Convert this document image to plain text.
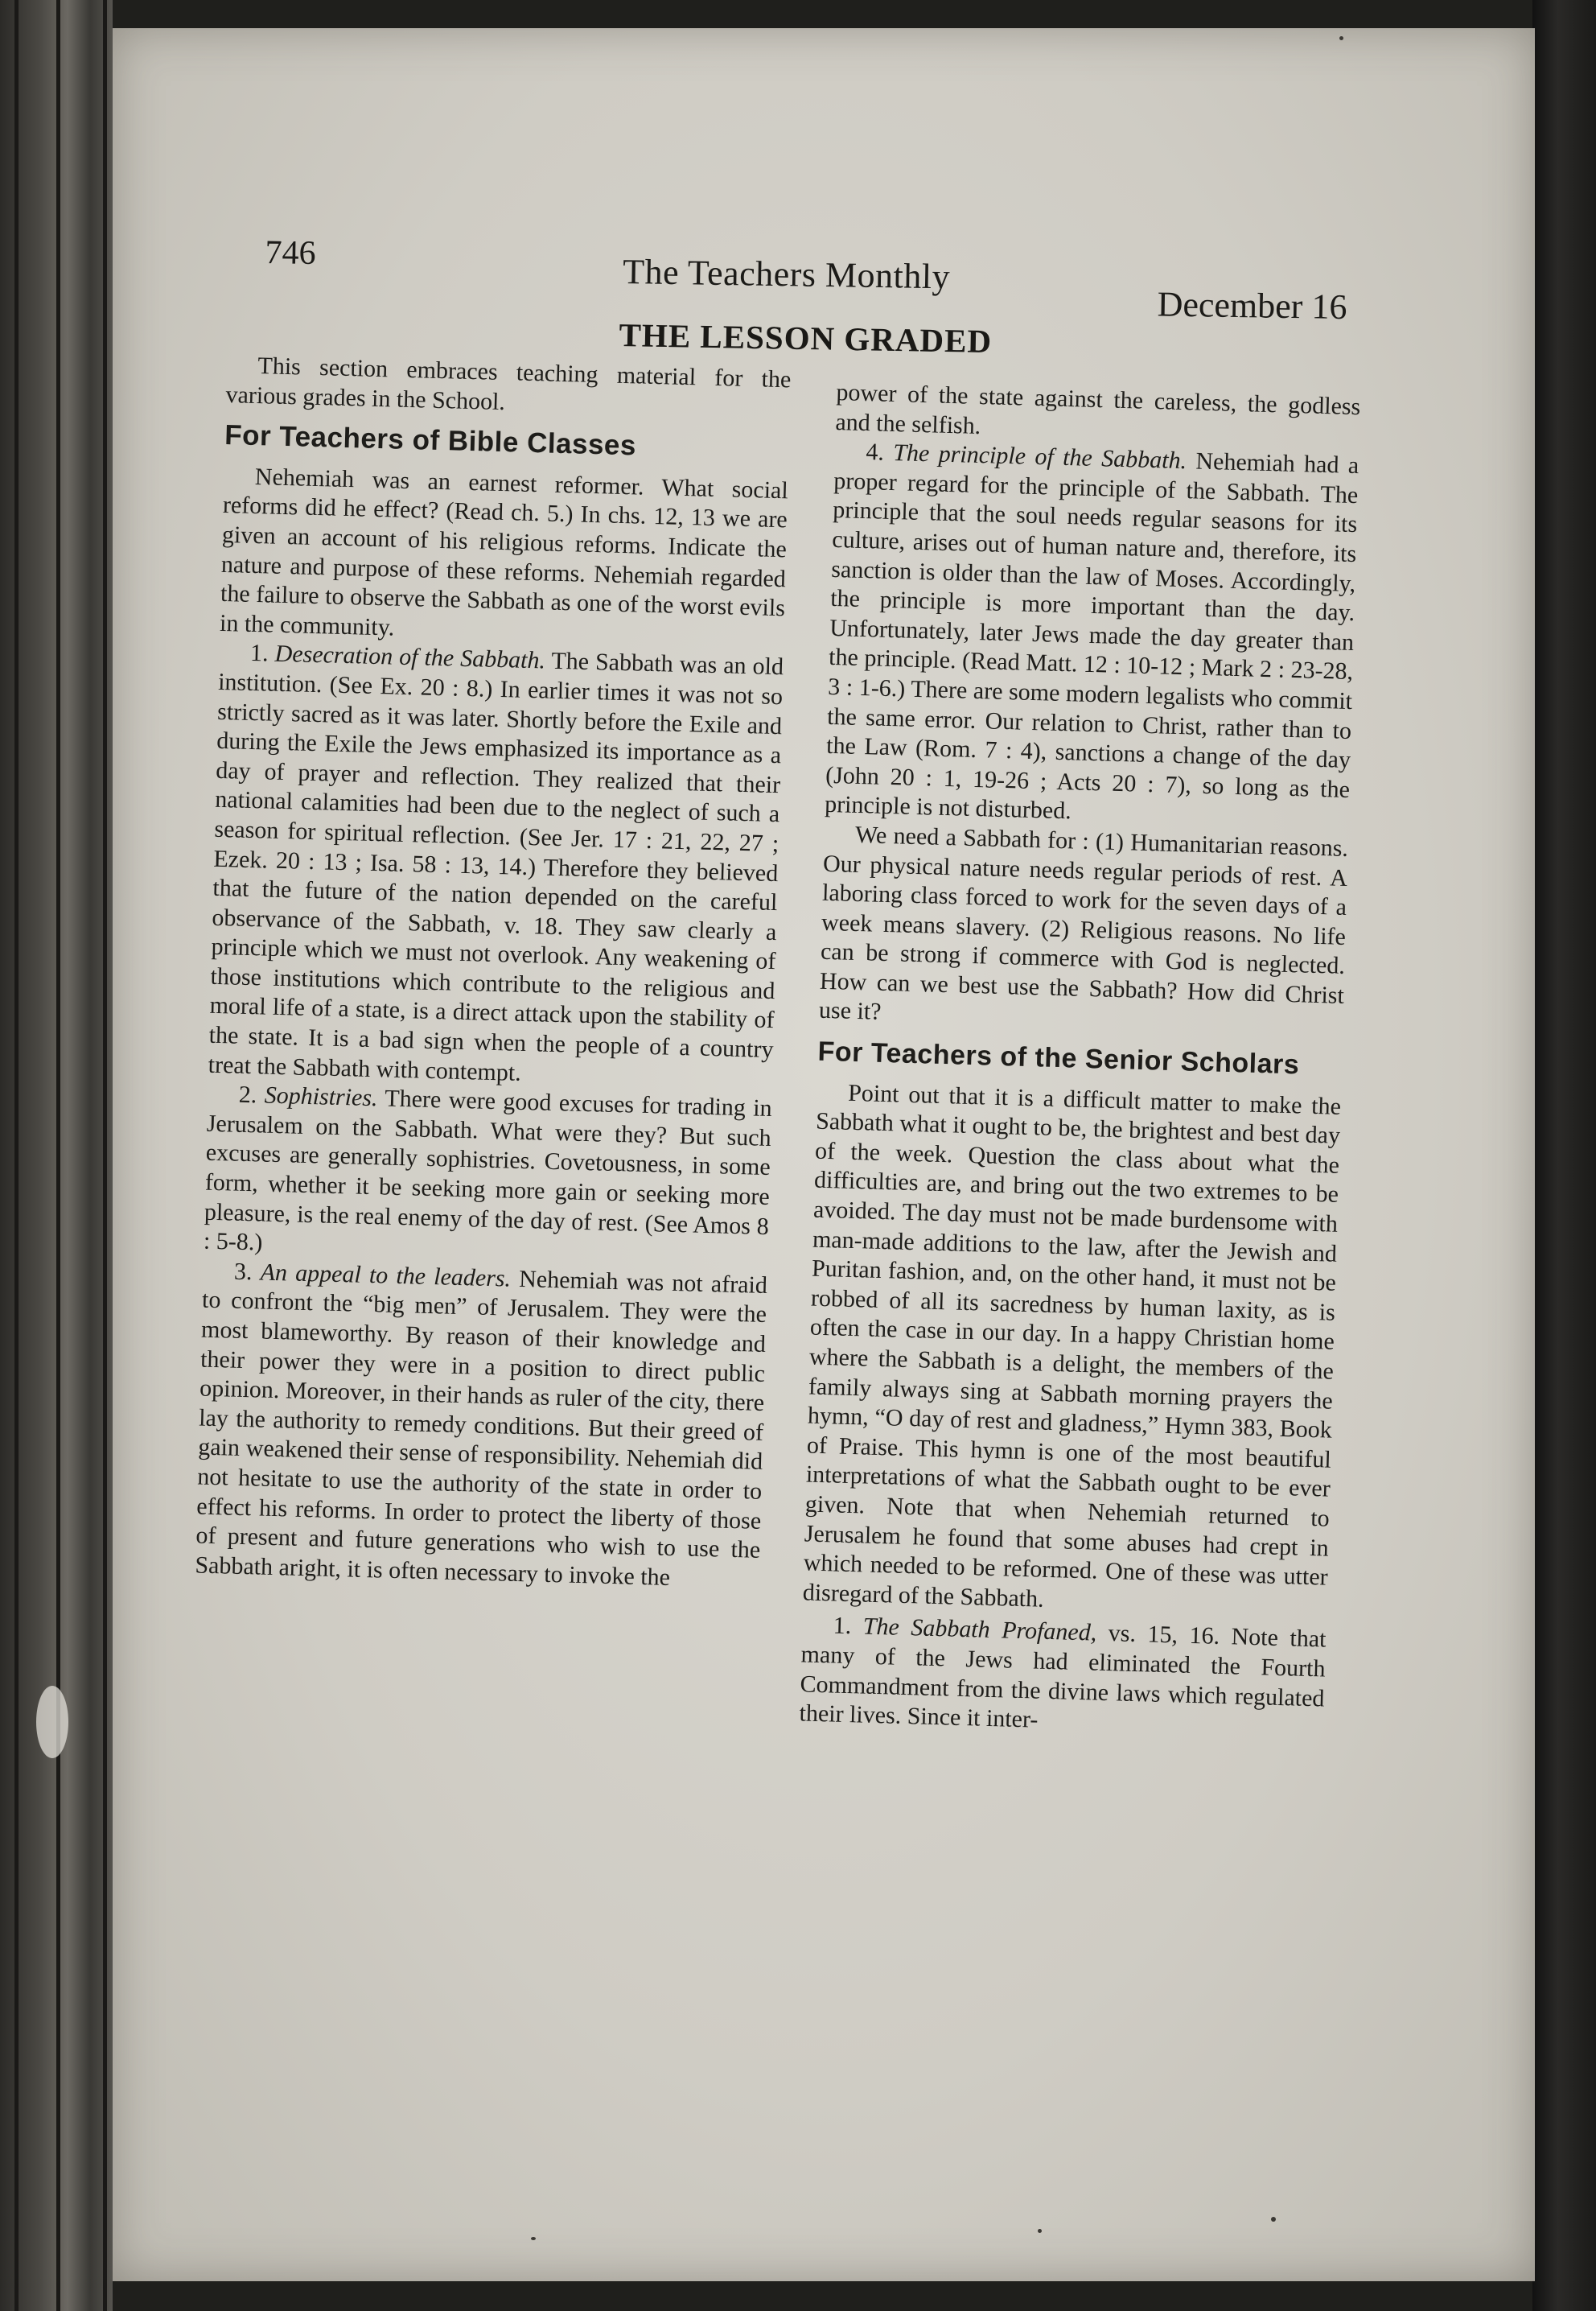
746	The Teachers Monthly
December 16
THE LESSON GRADED

This section embraces teaching material for the various grades in the School.

For Teachers of Bible Classes

Nehemiah was an earnest reformer. What social reforms did he effect? (Read ch. 5.) In chs. 12, 13 we are given an account of his religious reforms. Indicate the nature and purpose of these reforms. Nehemiah regarded the failure to observe the Sabbath as one of the worst evils in the community.

1. Desecration of the Sabbath. The Sabbath was an old institution. (See Ex. 20 : 8.) In earlier times it was not so strictly sacred as it was later. Shortly before the Exile and during the Exile the Jews emphasized its importance as a day of prayer and reflection. They realized that their national calamities had been due to the neglect of such a season for spiritual reflection. (See Jer. 17 : 21, 22, 27 ; Ezek. 20 : 13 ; Isa. 58 : 13, 14.) Therefore they believed that the future of the nation depended on the careful observance of the Sabbath, v. 18. They saw clearly a principle which we must not overlook. Any weakening of those institutions which contribute to the religious and moral life of a state, is a direct attack upon the stability of the state. It is a bad sign when the people of a country treat the Sabbath with contempt.

2. Sophistries. There were good excuses for trading in Jerusalem on the Sabbath. What were they? But such excuses are generally sophistries. Covetousness, in some form, whether it be seeking more gain or seeking more pleasure, is the real enemy of the day of rest. (See Amos 8 : 5-8.)

3. An appeal to the leaders. Nehemiah was not afraid to confront the “big men” of Jerusalem. They were the most blameworthy. By reason of their knowledge and their power they were in a position to direct public opinion. Moreover, in their hands as ruler of the city, there lay the authority to remedy conditions. But their greed of gain weakened their sense of responsibility. Nehemiah did not hesitate to use the authority of the state in order to effect his reforms. In order to protect the liberty of those of present and future generations who wish to use the Sabbath aright, it is often necessary to invoke the

power of the state against the careless, the godless and the selfish.

4. The principle of the Sabbath. Nehemiah had a proper regard for the principle of the Sabbath. The principle that the soul needs regular seasons for its culture, arises out of human nature and, therefore, its sanction is older than the law of Moses. Accordingly, the principle is more important than the day. Unfortunately, later Jews made the day greater than the principle. (Read Matt. 12 : 10-12 ; Mark 2 : 23-28, 3 : 1-6.) There are some modern legalists who commit the same error. Our relation to Christ, rather than to the Law (Rom. 7 : 4), sanctions a change of the day (John 20 : 1, 19-26 ; Acts 20 : 7), so long as the principle is not disturbed.

We need a Sabbath for : (1) Humanitarian reasons. Our physical nature needs regular periods of rest. A laboring class forced to work for the seven days of a week means slavery. (2) Religious reasons. No life can be strong if commerce with God is neglected. How can we best use the Sabbath? How did Christ use it?

For Teachers of the Senior Scholars

Point out that it is a difficult matter to make the Sabbath what it ought to be, the brightest and best day of the week. Question the class about what the difficulties are, and bring out the two extremes to be avoided. The day must not be made burdensome with man-made additions to the law, after the Jewish and Puritan fashion, and, on the other hand, it must not be robbed of all its sacredness by human laxity, as is often the case in our day. In a happy Christian home where the Sabbath is a delight, the members of the family always sing at Sabbath morning prayers the hymn, “O day of rest and gladness,” Hymn 383, Book of Praise. This hymn is one of the most beautiful interpretations of what the Sabbath ought to be ever given. Note that when Nehemiah returned to Jerusalem he found that some abuses had crept in which needed to be reformed. One of these was utter disregard of the Sabbath.

1. The Sabbath Profaned, vs. 15, 16. Note that many of the Jews had eliminated the Fourth Commandment from the divine laws which regulated their lives. Since it inter-
